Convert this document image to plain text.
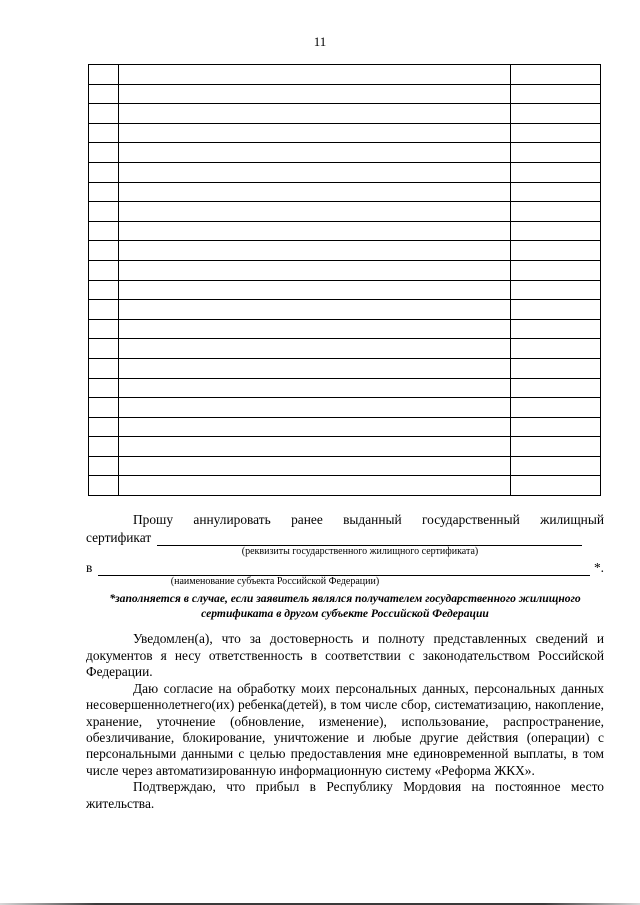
11

Прошу аннулировать ранее выданный государственный жилищный
сертификат
(реквизиты государственного жилищного сертификата)
в	*.
(наименование субъекта Российской Федерации)
*заполняется в случае, если заявитель являлся получателем государственного жилищного сертификата в другом субъекте Российской Федерации

Уведомлен(а), что за достоверность и полноту представленных сведений и документов я несу ответственность в соответствии с законодательством Российской Федерации.

Даю согласие на обработку моих персональных данных, персональных данных несовершеннолетнего(их) ребенка(детей), в том числе сбор, систематизацию, накопление, хранение, уточнение (обновление, изменение), использование, распространение, обезличивание, блокирование, уничтожение и любые другие действия (операции) с персональными данными с целью предоставления мне единовременной выплаты, в том числе через автоматизированную информационную систему «Реформа ЖКХ».

Подтверждаю, что прибыл в Республику Мордовия на постоянное место жительства.
